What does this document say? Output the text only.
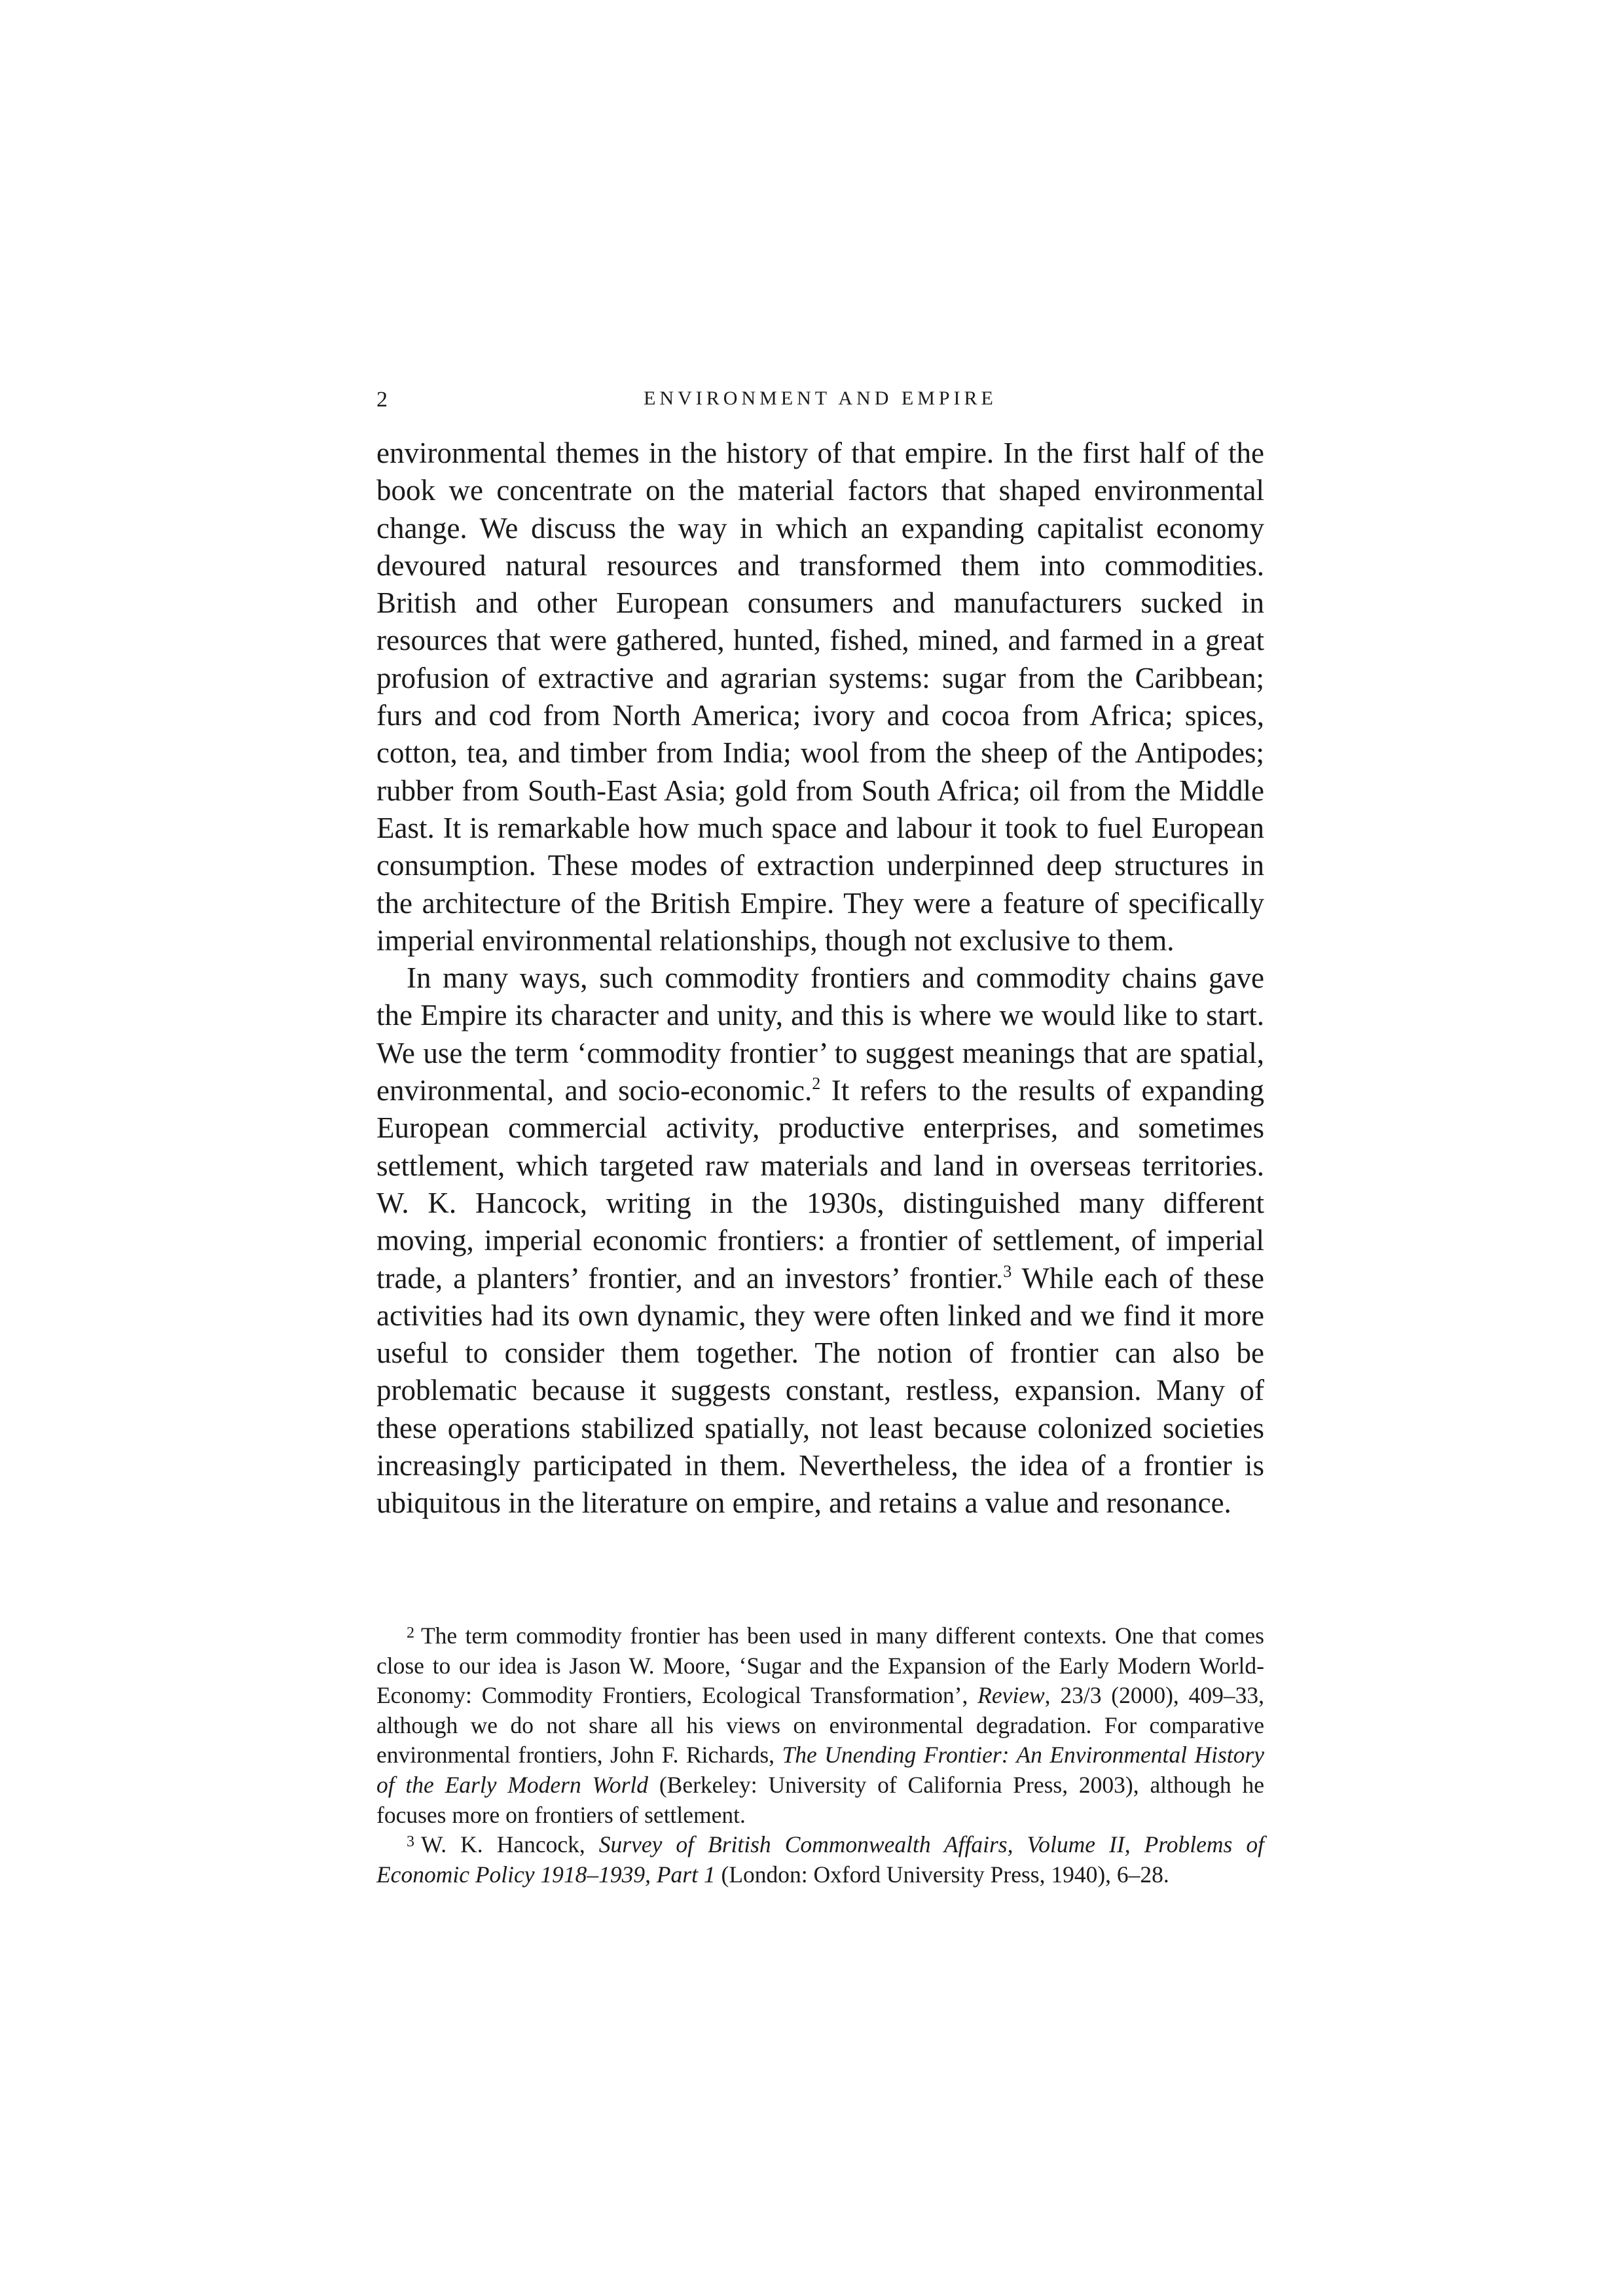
2	ENVIRONMENT AND EMPIRE

environmental themes in the history of that empire. In the first half of the book we concentrate on the material factors that shaped environmental change. We discuss the way in which an expanding capitalist economy devoured natural resources and transformed them into commodities. British and other European consumers and manufacturers sucked in resources that were gathered, hunted, fished, mined, and farmed in a great profusion of extractive and agrarian systems: sugar from the Caribbean; furs and cod from North America; ivory and cocoa from Africa; spices, cotton, tea, and timber from India; wool from the sheep of the Antipodes; rubber from South-East Asia; gold from South Africa; oil from the Middle East. It is remarkable how much space and labour it took to fuel European consumption. These modes of extraction underpinned deep structures in the architecture of the British Empire. They were a feature of specifically imperial environmental relationships, though not exclusive to them.

In many ways, such commodity frontiers and commodity chains gave the Empire its character and unity, and this is where we would like to start. We use the term ‘commodity frontier’ to suggest meanings that are spatial, environmental, and socio-economic.$^2$ It refers to the results of expanding European commercial activity, productive enterprises, and sometimes settlement, which targeted raw materials and land in overseas territories. W. K. Hancock, writing in the 1930s, distinguished many different moving, imperial economic frontiers: a frontier of settlement, of imperial trade, a planters’ frontier, and an investors’ frontier.$^3$ While each of these activities had its own dynamic, they were often linked and we find it more useful to consider them together. The notion of frontier can also be problematic because it suggests constant, restless, expansion. Many of these operations stabilized spatially, not least because colonized societies increasingly participated in them. Nevertheless, the idea of a frontier is ubiquitous in the literature on empire, and retains a value and resonance.

$^2$ The term commodity frontier has been used in many different contexts. One that comes close to our idea is Jason W. Moore, ‘Sugar and the Expansion of the Early Modern World-Economy: Commodity Frontiers, Ecological Transformation’, Review, 23/3 (2000), 409–33, although we do not share all his views on environmental degradation. For comparative environmental frontiers, John F. Richards, The Unending Frontier: An Environmental History of the Early Modern World (Berkeley: University of California Press, 2003), although he focuses more on frontiers of settlement.

$^3$ W. K. Hancock, Survey of British Commonwealth Affairs, Volume II, Problems of Economic Policy 1918–1939, Part 1 (London: Oxford University Press, 1940), 6–28.
